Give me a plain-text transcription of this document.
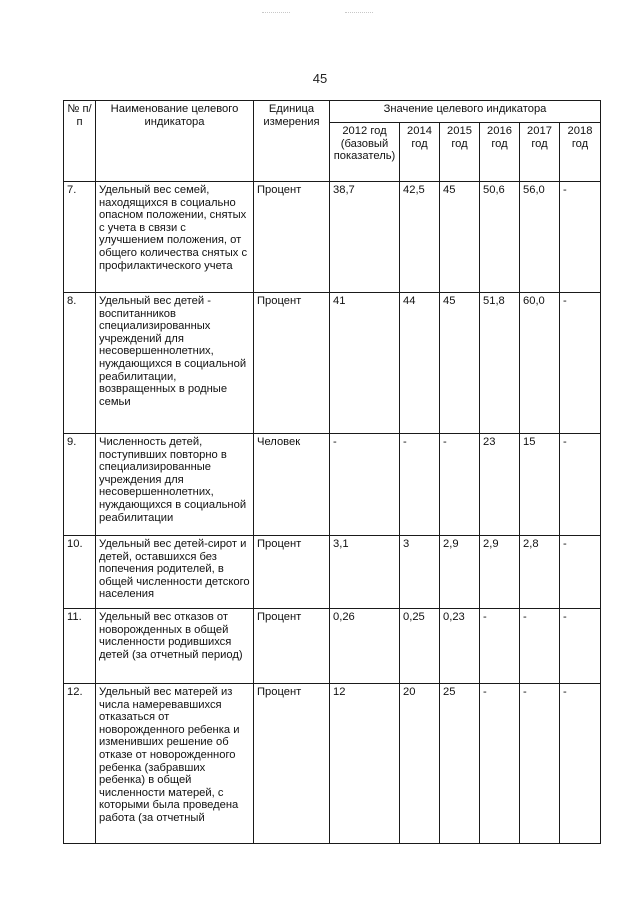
45
№ п/п	Наименование целевого индикатора	Единица измерения	Значение целевого индикатора					
			2012 год (базовый показатель)	2014 год	2015 год	2016 год	2017 год	2018 год
7.	Удельный вес семей, находящихся в социально опасном положении, снятых с учета в связи с улучшением положения, от общего количества снятых с профилактического учета	Процент	38,7	42,5	45	50,6	56,0	-
8.	Удельный вес детей - воспитанников специализированных учреждений для несовершеннолетних, нуждающихся в социальной реабилитации, возвращенных в родные семьи	Процент	41	44	45	51,8	60,0	-
9.	Численность детей, поступивших повторно в специализированные учреждения для несовершеннолетних, нуждающихся в социальной реабилитации	Человек	-	-	-	23	15	-
10.	Удельный вес детей-сирот и детей, оставшихся без попечения родителей, в общей численности детского населения	Процент	3,1	3	2,9	2,9	2,8	-
11.	Удельный вес отказов от новорожденных в общей численности родившихся детей (за отчетный период)	Процент	0,26	0,25	0,23	-	-	-
12.	Удельный вес матерей из числа намеревавшихся отказаться от новорожденного ребенка и изменивших решение об отказе от новорожденного ребенка (забравших ребенка) в общей численности матерей, с которыми была проведена работа (за отчетный	Процент	12	20	25	-	-	-
